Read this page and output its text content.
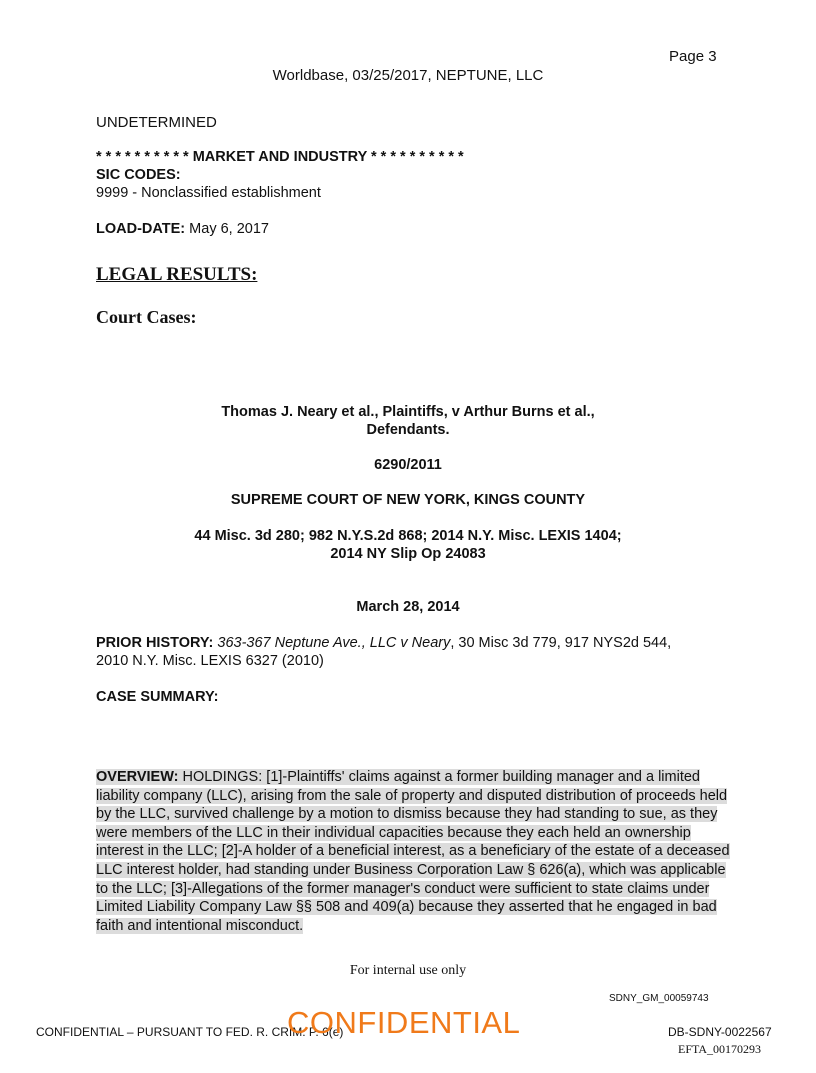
Page 3
Worldbase, 03/25/2017, NEPTUNE, LLC
UNDETERMINED
* * * * * * * * * * MARKET AND INDUSTRY * * * * * * * * * *
SIC CODES:
9999 - Nonclassified establishment
LOAD-DATE: May 6, 2017
LEGAL RESULTS:
Court Cases:
Thomas J. Neary et al., Plaintiffs, v Arthur Burns et al.,
Defendants.
6290/2011
SUPREME COURT OF NEW YORK, KINGS COUNTY
44 Misc. 3d 280; 982 N.Y.S.2d 868; 2014 N.Y. Misc. LEXIS 1404;
2014 NY Slip Op 24083
March 28, 2014
PRIOR HISTORY: 363-367 Neptune Ave., LLC v Neary, 30 Misc 3d 779, 917 NYS2d 544,
2010 N.Y. Misc. LEXIS 6327 (2010)
CASE SUMMARY:
OVERVIEW: HOLDINGS: [1]-Plaintiffs' claims against a former building manager and a limited liability company (LLC), arising from the sale of property and disputed distribution of proceeds held by the LLC, survived challenge by a motion to dismiss because they had standing to sue, as they were members of the LLC in their individual capacities because they each held an ownership interest in the LLC; [2]-A holder of a beneficial interest, as a beneficiary of the estate of a deceased LLC interest holder, had standing under Business Corporation Law § 626(a), which was applicable to the LLC; [3]-Allegations of the former manager's conduct were sufficient to state claims under Limited Liability Company Law §§ 508 and 409(a) because they asserted that he engaged in bad faith and intentional misconduct.
For internal use only
SDNY_GM_00059743
CONFIDENTIAL – PURSUANT TO FED. R. CRIM. P. 6(e)
CONFIDENTIAL	DB-SDNY-0022567
EFTA_00170293
